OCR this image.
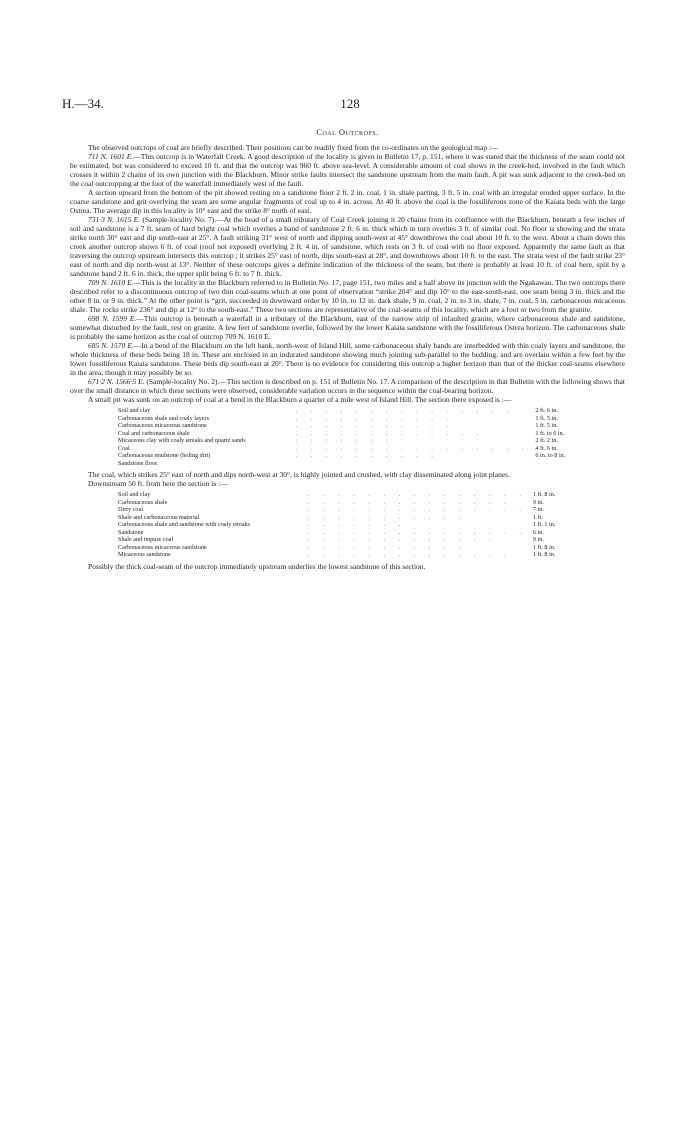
H.—34.	128
Coal Outcrops.

The observed outcrops of coal are briefly described. Their positions can be readily fixed from the co-ordinates on the geological map :—

711 N. 1601 E.—This outcrop is in Waterfall Creek. A good description of the locality is given in Bulletin 17, p. 151, where it was stated that the thickness of the seam could not be estimated, but was considered to exceed 10 ft. and that the outcrop was 960 ft. above sea-level. A considerable amount of coal shows in the creek-bed, involved in the fault which crosses it within 2 chains of its own junction with the Blackburn. Minor strike faults intersect the sandstone upstream from the main fault. A pit was sunk adjacent to the creek-bed on the coal outcropping at the foot of the waterfall immediately west of the fault.

A section upward from the bottom of the pit showed resting on a sandstone floor 2 ft. 2 in. coal, 1 in. shale parting, 3 ft. 5 in. coal with an irregular eroded upper surface. In the coarse sandstone and grit overlying the seam are some angular fragments of coal up to 4 in. across. At 40 ft. above the coal is the fossiliferous zone of the Kaiata beds with the large Ostrea. The average dip in this locality is 10° east and the strike 8° north of east.

731·3 N. 1615 E. (Sample-locality No. 7).—At the head of a small tributary of Coal Creek joining it 20 chains from its confluence with the Blackburn, beneath a few inches of soil and sandstone is a 7 ft. seam of hard bright coal which overlies a band of sandstone 2 ft. 6 in. thick which in turn overlies 3 ft. of similar coal. No floor is showing and the strata strike north 30° east and dip south-east at 25°. A fault striking 31° west of north and dipping south-west at 45° downthrows the coal about 10 ft. to the west. About a chain down this creek another outcrop shows 6 ft. of coal (roof not exposed) overlying 2 ft. 4 in. of sandstone, which rests on 3 ft. of coal with no floor exposed. Apparently the same fault as that traversing the outcrop upstream intersects this outcrop ; it strikes 25° east of north, dips south-east at 28°, and downthrows about 10 ft. to the east. The strata west of the fault strike 23° east of north and dip north-west at 13°. Neither of these outcrops gives a definite indication of the thickness of the seam, but there is probably at least 10 ft. of coal here, split by a sandstone band 2 ft. 6 in. thick, the upper split being 6 ft. to 7 ft. thick.

709 N. 1610 E.—This is the locality in the Blackburn referred to in Bulletin No. 17, page 151, two miles and a half above its junction with the Ngakawau. The two outcrops there described refer to a discontinuous outcrop of two thin coal-seams which at one point of observation “strike 204° and dip 10° to the east-south-east, one seam being 3 in. thick and the other 8 in. or 9 in. thick.” At the other point is “grit, succeeded in downward order by 10 in. to 12 in. dark shale, 9 in. coal, 2 in. to 3 in. shale, 7 in. coal, 5 in. carbonaceous micaceous shale. The rocks strike 236° and dip at 12° to the south-east.” These two sections are representative of the coal-seams of this locality, which are a foot or two from the granite.

698 N. 1599 E.—This outcrop is beneath a waterfall in a tributary of the Blackburn, east of the narrow strip of infaulted granite, where carbonaceous shale and sandstone, somewhat disturbed by the fault, rest on granite. A few feet of sandstone overlie, followed by the lower Kaiata sandstone with the fossiliferous Ostrea horizon. The carbonaceous shale is probably the same horizon as the coal of outcrop 709 N. 1610 E.

685 N. 1570 E.—In a bend of the Blackburn on the left bank, north-west of Island Hill, some carbonaceous shaly bands are interbedded with thin coaly layers and sandstone, the whole thickness of these beds being 18 in. These are enclosed in an indurated sandstone showing much jointing sub-parallel to the bedding, and are overlain within a few feet by the lower fossiliferous Kaiata sandstone. These beds dip south-east at 20°. There is no evidence for considering this outcrop a higher horizon than that of the thicker coal-seams elsewhere in the area, though it may possibly be so.

671·2 N. 1566·5 E. (Sample-locality No. 2).—This section is described on p. 151 of Bulletin No. 17. A comparison of the description in that Bulletin with the following shows that over the small distance in which these sections were observed, considerable variation occurs in the sequence within the coal-bearing horizon.

A small pit was sunk on an outcrop of coal at a bend in the Blackburn a quarter of a mile west of Island Hill. The section there exposed is :—

Soil and clay	. . . . . . . . . . . . . . .	2 ft. 6 in.
Carbonaceous shale and coaly layers	. . . . . . . . . . .	1 ft. 5 in.
Carbonaceous micaceous sandstone	. . . . . . . . . . .	1 ft. 5 in.
Coal and carbonaceous shale	. . . . . . . . . . . . .	1 ft. to 6 in.
Micaceous clay with coaly streaks and quartz sands	. . . . . . .	2 ft. 2 in.
Coal	. . . . . . . . . . . . . . . .	4 ft. 6 in.
Carbonaceous mudstone (holing dirt)	. . . . . . . . . .	6 in. to 8 in.
Sandstone floor.		

The coal, which strikes 25° east of north and dips north-west at 30°, is highly jointed and crushed, with clay disseminated along joint planes.

Downstream 50 ft. from here the section is :—

Soil and clay	. . . . . . . . . . . . . . .	1 ft. 8 in.
Carbonaceous shale	. . . . . . . . . . . . . .	9 in.
Dirty coal	. . . . . . . . . . . . . . .	7 in.
Shale and carbonaceous material	. . . . . . . . . . .	1 ft.
Carbonaceous shale and sandstone with coaly streaks	. . . . . . .	1 ft. 1 in.
Sandstone	. . . . . . . . . . . . . . .	6 in.
Shale and impure coal	. . . . . . . . . . . . .	9 in.
Carbonaceous micaceous sandstone	. . . . . . . . . . .	1 ft. 8 in.
Micaceous sandstone	. . . . . . . . . . . . . .	1 ft. 8 in.

Possibly the thick coal-seam of the outcrop immediately upstream underlies the lowest sandstone of this section.
